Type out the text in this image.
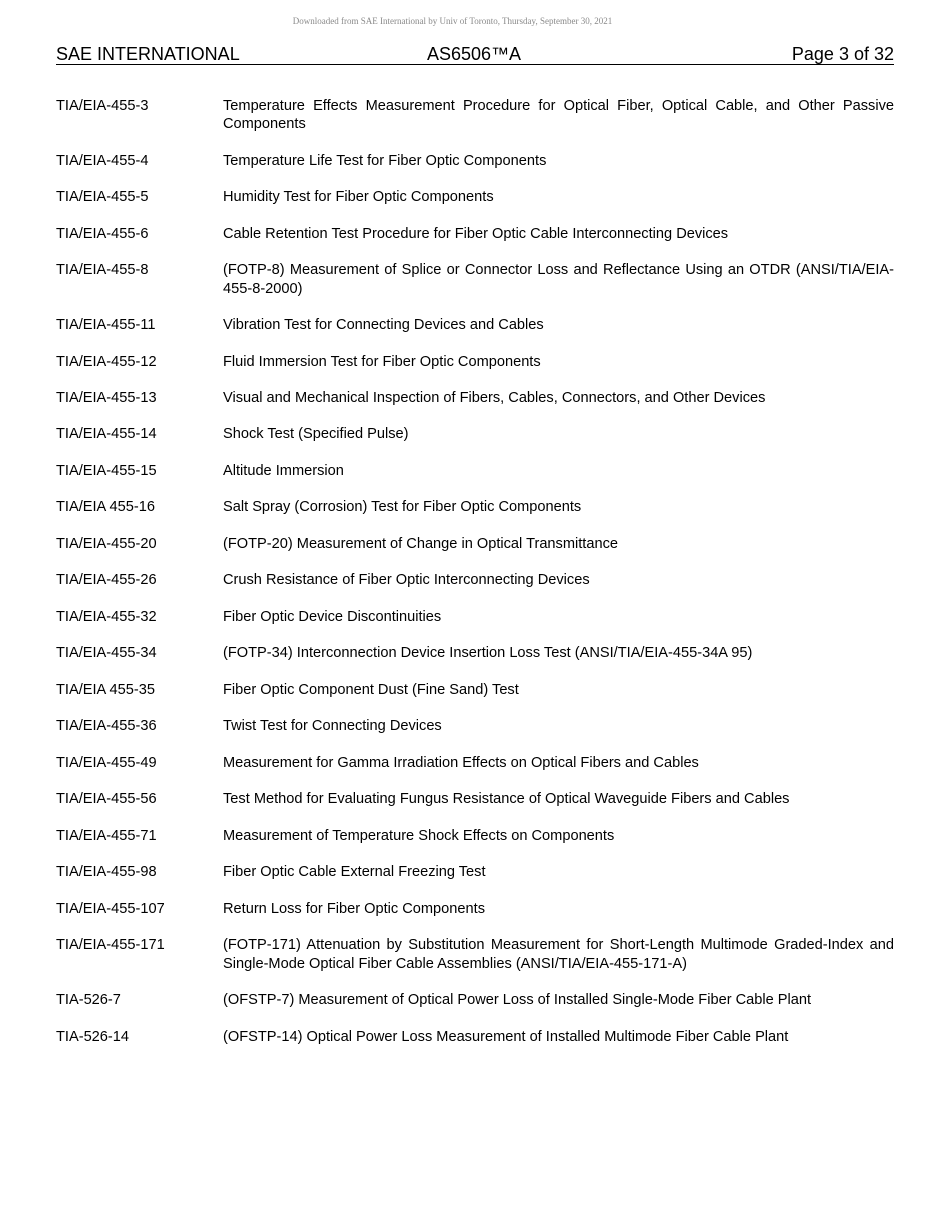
Downloaded from SAE International by Univ of Toronto, Thursday, September 30, 2021
SAE INTERNATIONAL	AS6506™A	Page 3 of 32
TIA/EIA-455-3	Temperature Effects Measurement Procedure for Optical Fiber, Optical Cable, and Other Passive Components
TIA/EIA-455-4	Temperature Life Test for Fiber Optic Components
TIA/EIA-455-5	Humidity Test for Fiber Optic Components
TIA/EIA-455-6	Cable Retention Test Procedure for Fiber Optic Cable Interconnecting Devices
TIA/EIA-455-8	(FOTP-8) Measurement of Splice or Connector Loss and Reflectance Using an OTDR (ANSI/TIA/EIA-455-8-2000)
TIA/EIA-455-11	Vibration Test for Connecting Devices and Cables
TIA/EIA-455-12	Fluid Immersion Test for Fiber Optic Components
TIA/EIA-455-13	Visual and Mechanical Inspection of Fibers, Cables, Connectors, and Other Devices
TIA/EIA-455-14	Shock Test (Specified Pulse)
TIA/EIA-455-15	Altitude Immersion
TIA/EIA 455-16	Salt Spray (Corrosion) Test for Fiber Optic Components
TIA/EIA-455-20	(FOTP-20) Measurement of Change in Optical Transmittance
TIA/EIA-455-26	Crush Resistance of Fiber Optic Interconnecting Devices
TIA/EIA-455-32	Fiber Optic Device Discontinuities
TIA/EIA-455-34	(FOTP-34) Interconnection Device Insertion Loss Test (ANSI/TIA/EIA-455-34A 95)
TIA/EIA 455-35	Fiber Optic Component Dust (Fine Sand) Test
TIA/EIA-455-36	Twist Test for Connecting Devices
TIA/EIA-455-49	Measurement for Gamma Irradiation Effects on Optical Fibers and Cables
TIA/EIA-455-56	Test Method for Evaluating Fungus Resistance of Optical Waveguide Fibers and Cables
TIA/EIA-455-71	Measurement of Temperature Shock Effects on Components
TIA/EIA-455-98	Fiber Optic Cable External Freezing Test
TIA/EIA-455-107	Return Loss for Fiber Optic Components
TIA/EIA-455-171	(FOTP-171) Attenuation by Substitution Measurement for Short-Length Multimode Graded-Index and Single-Mode Optical Fiber Cable Assemblies (ANSI/TIA/EIA-455-171-A)
TIA-526-7	(OFSTP-7) Measurement of Optical Power Loss of Installed Single-Mode Fiber Cable Plant
TIA-526-14	(OFSTP-14) Optical Power Loss Measurement of Installed Multimode Fiber Cable Plant
